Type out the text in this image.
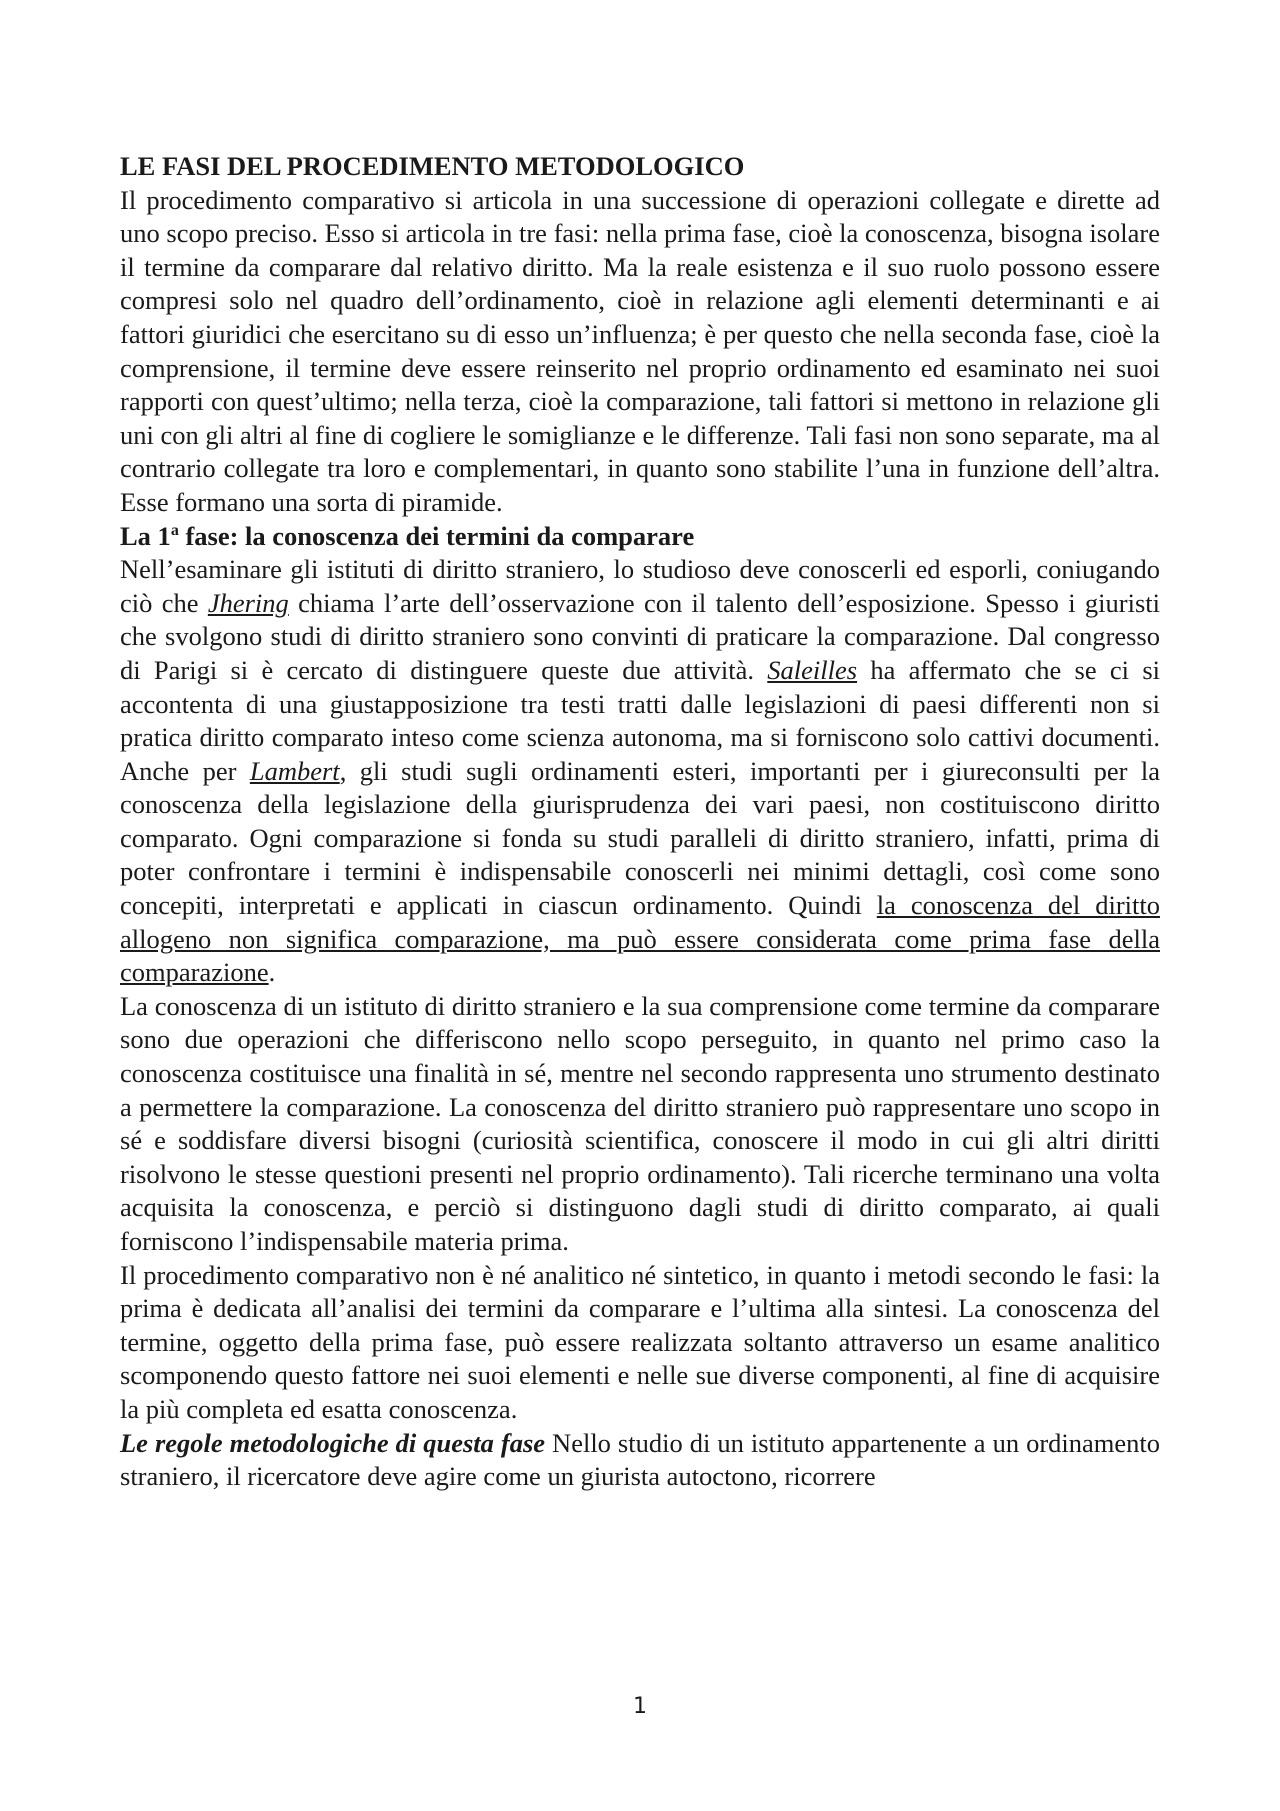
LE FASI DEL PROCEDIMENTO METODOLOGICO

Il procedimento comparativo si articola in una successione di operazioni collegate e dirette ad uno scopo preciso. Esso si articola in tre fasi: nella prima fase, cioè la conoscenza, bisogna isolare il termine da comparare dal relativo diritto. Ma la reale esistenza e il suo ruolo possono essere compresi solo nel quadro dell’ordinamento, cioè in relazione agli elementi determinanti e ai fattori giuridici che esercitano su di esso un’influenza; è per questo che nella seconda fase, cioè la comprensione, il termine deve essere reinserito nel proprio ordinamento ed esaminato nei suoi rapporti con quest’ultimo; nella terza, cioè la comparazione, tali fattori si mettono in relazione gli uni con gli altri al fine di cogliere le somiglianze e le differenze. Tali fasi non sono separate, ma al contrario collegate tra loro e complementari, in quanto sono stabilite l’una in funzione dell’altra. Esse formano una sorta di piramide.

La 1$^a$ fase: la conoscenza dei termini da comparare

Nell’esaminare gli istituti di diritto straniero, lo studioso deve conoscerli ed esporli, coniugando ciò che Jhering chiama l’arte dell’osservazione con il talento dell’esposizione. Spesso i giuristi che svolgono studi di diritto straniero sono convinti di praticare la comparazione. Dal congresso di Parigi si è cercato di distinguere queste due attività. Saleilles ha affermato che se ci si accontenta di una giustapposizione tra testi tratti dalle legislazioni di paesi differenti non si pratica diritto comparato inteso come scienza autonoma, ma si forniscono solo cattivi documenti. Anche per Lambert, gli studi sugli ordinamenti esteri, importanti per i giureconsulti per la conoscenza della legislazione della giurisprudenza dei vari paesi, non costituiscono diritto comparato. Ogni comparazione si fonda su studi paralleli di diritto straniero, infatti, prima di poter confrontare i termini è indispensabile conoscerli nei minimi dettagli, così come sono concepiti, interpretati e applicati in ciascun ordinamento. Quindi la conoscenza del diritto allogeno non significa comparazione, ma può essere considerata come prima fase della comparazione.

La conoscenza di un istituto di diritto straniero e la sua comprensione come termine da comparare sono due operazioni che differiscono nello scopo perseguito, in quanto nel primo caso la conoscenza costituisce una finalità in sé, mentre nel secondo rappresenta uno strumento destinato a permettere la comparazione. La conoscenza del diritto straniero può rappresentare uno scopo in sé e soddisfare diversi bisogni (curiosità scientifica, conoscere il modo in cui gli altri diritti risolvono le stesse questioni presenti nel proprio ordinamento). Tali ricerche terminano una volta acquisita la conoscenza, e perciò si distinguono dagli studi di diritto comparato, ai quali forniscono l’indispensabile materia prima.

Il procedimento comparativo non è né analitico né sintetico, in quanto i metodi secondo le fasi: la prima è dedicata all’analisi dei termini da comparare e l’ultima alla sintesi. La conoscenza del termine, oggetto della prima fase, può essere realizzata soltanto attraverso un esame analitico scomponendo questo fattore nei suoi elementi e nelle sue diverse componenti, al fine di acquisire la più completa ed esatta conoscenza.

Le regole metodologiche di questa fase Nello studio di un istituto appartenente a un ordinamento straniero, il ricercatore deve agire come un giurista autoctono, ricorrere

1
